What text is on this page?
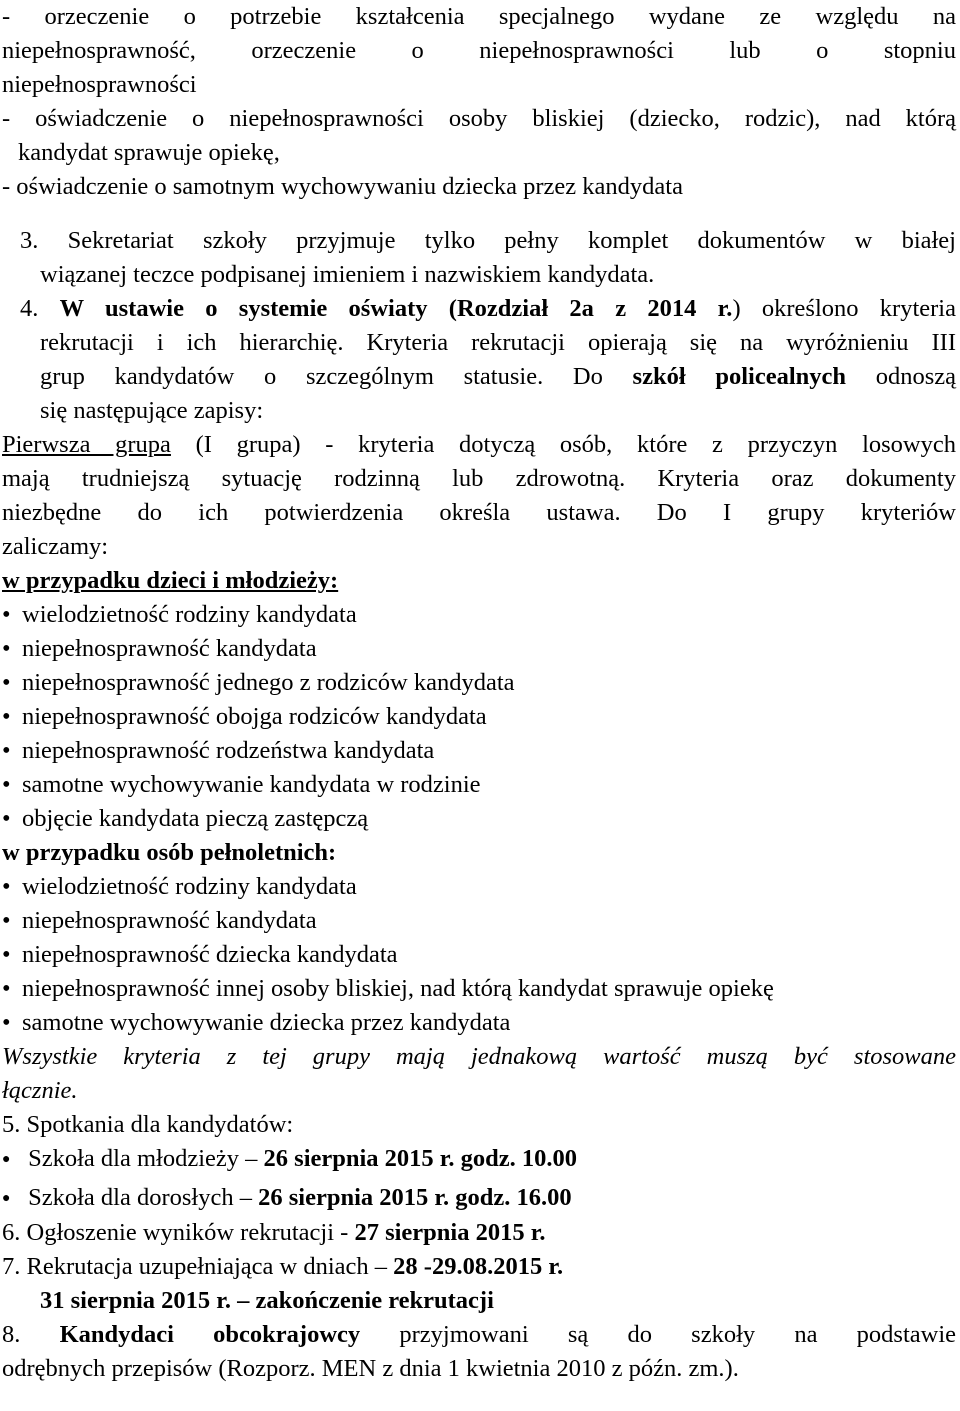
- orzeczenie o potrzebie kształcenia specjalnego wydane ze względu na

niepełnosprawność, orzeczenie o niepełnosprawności lub o stopniu

niepełnosprawności

- oświadczenie o niepełnosprawności osoby bliskiej (dziecko, rodzic), nad którą

kandydat sprawuje opiekę,

- oświadczenie o samotnym wychowywaniu dziecka przez kandydata

3. Sekretariat szkoły przyjmuje tylko pełny komplet dokumentów w białej

wiązanej teczce podpisanej imieniem i nazwiskiem kandydata.

4. W ustawie o systemie oświaty (Rozdział 2a z 2014 r.) określono kryteria

rekrutacji i ich hierarchię. Kryteria rekrutacji opierają się na wyróżnieniu III

grup kandydatów o szczególnym statusie. Do szkół policealnych odnoszą

się następujące zapisy:

Pierwsza grupa (I grupa) - kryteria dotyczą osób, które z przyczyn losowych

mają trudniejszą sytuację rodzinną lub zdrowotną. Kryteria oraz dokumenty

niezbędne do ich potwierdzenia określa ustawa. Do I grupy kryteriów

zaliczamy:

w przypadku dzieci i młodzieży:

• wielodzietność rodziny kandydata

• niepełnosprawność kandydata

• niepełnosprawność jednego z rodziców kandydata

• niepełnosprawność obojga rodziców kandydata

• niepełnosprawność rodzeństwa kandydata

• samotne wychowywanie kandydata w rodzinie

• objęcie kandydata pieczą zastępczą

w przypadku osób pełnoletnich:

• wielodzietność rodziny kandydata

• niepełnosprawność kandydata

• niepełnosprawność dziecka kandydata

• niepełnosprawność innej osoby bliskiej, nad którą kandydat sprawuje opiekę

• samotne wychowywanie dziecka przez kandydata

Wszystkie kryteria z tej grupy mają jednakową wartość muszą być stosowane

łącznie.

5. Spotkania dla kandydatów:

● Szkoła dla młodzieży – 26 sierpnia 2015 r. godz. 10.00

● Szkoła dla dorosłych – 26 sierpnia 2015 r. godz. 16.00

6. Ogłoszenie wyników rekrutacji - 27 sierpnia 2015 r.

7. Rekrutacja uzupełniająca w dniach – 28 -29.08.2015 r.

31 sierpnia 2015 r. – zakończenie rekrutacji

8. Kandydaci obcokrajowcy przyjmowani są do szkoły na podstawie

odrębnych przepisów (Rozporz. MEN z dnia 1 kwietnia 2010 z późn. zm.).
